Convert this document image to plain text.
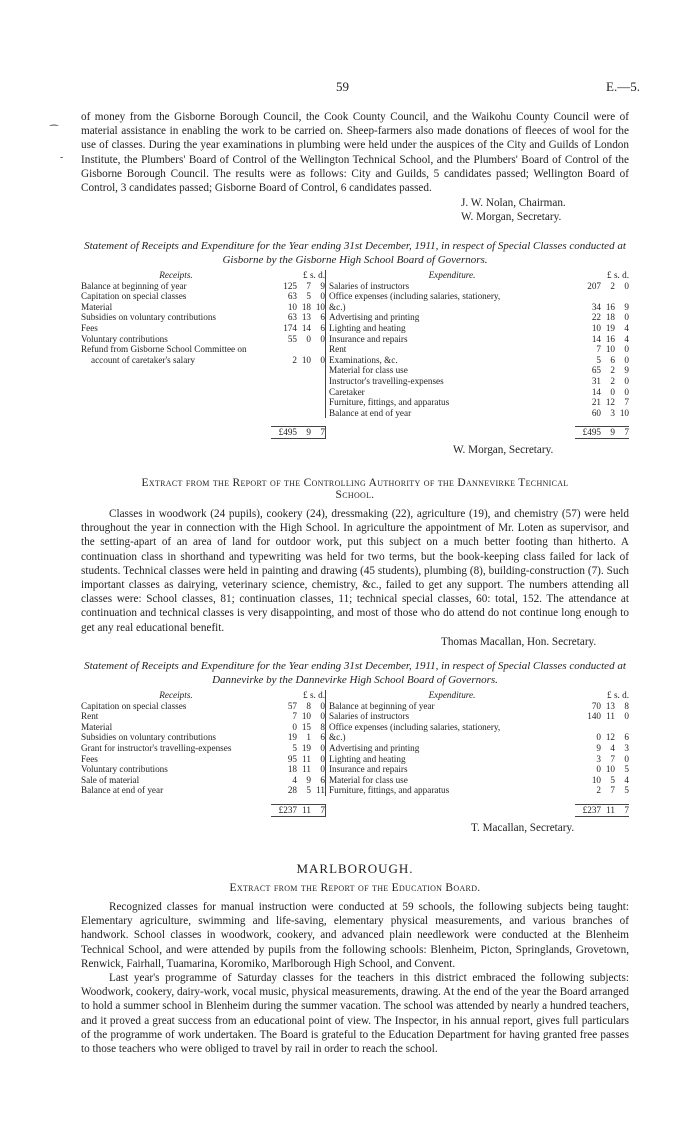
59	E.—5.
⁀
-

of money from the Gisborne Borough Council, the Cook County Council, and the Waikohu County Council were of material assistance in enabling the work to be carried on. Sheep-farmers also made donations of fleeces of wool for the use of classes. During the year examinations in plumbing were held under the auspices of the City and Guilds of London Institute, the Plumbers' Board of Control of the Wellington Technical School, and the Plumbers' Board of Control of the Gisborne Borough Council. The results were as follows: City and Guilds, 5 candidates passed; Wellington Board of Control, 3 candidates passed; Gisborne Board of Control, 6 candidates passed.

J. W. Nolan, Chairman.
W. Morgan, Secretary.
Statement of Receipts and Expenditure for the Year ending 31st December, 1911, in respect of Special Classes conducted at Gisborne by the Gisborne High School Board of Governors.
Receipts.	£ s. d.			Expenditure.	£ s. d.		
Balance at beginning of year	125	7	9	Salaries of instructors	207	2	0
Capitation on special classes	63	5	0	Office expenses (including salaries, stationery,			
Material	10	18	10	&c.)	34	16	9
Subsidies on voluntary contributions	63	13	6	Advertising and printing	22	18	0
Fees	174	14	6	Lighting and heating	10	19	4
Voluntary contributions	55	0	0	Insurance and repairs	14	16	4
Refund from Gisborne School Committee on				Rent	7	10	0
account of caretaker's salary	2	10	0	Examinations, &c.	5	6	0
				Material for class use	65	2	9
				Instructor's travelling-expenses	31	2	0
				Caretaker	14	0	0
				Furniture, fittings, and apparatus	21	12	7
				Balance at end of year	60	3	10

	£495	9	7		£495	9	7
W. Morgan, Secretary.
Extract from the Report of the Controlling Authority of the Dannevirke Technical
School.

Classes in woodwork (24 pupils), cookery (24), dressmaking (22), agriculture (19), and chemistry (57) were held throughout the year in connection with the High School. In agriculture the appointment of Mr. Loten as supervisor, and the setting-apart of an area of land for outdoor work, put this subject on a much better footing than hitherto. A continuation class in shorthand and typewriting was held for two terms, but the book-keeping class failed for lack of students. Technical classes were held in painting and drawing (45 students), plumbing (8), building-construction (7). Such important classes as dairying, veterinary science, chemistry, &c., failed to get any support. The numbers attending all classes were: School classes, 81; continuation classes, 11; technical special classes, 60: total, 152. The attendance at continuation and technical classes is very disappointing, and most of those who do attend do not continue long enough to get any real educational benefit.

Thomas Macallan, Hon. Secretary.
Statement of Receipts and Expenditure for the Year ending 31st December, 1911, in respect of Special Classes conducted at Dannevirke by the Dannevirke High School Board of Governors.
Receipts.	£ s. d.			Expenditure.	£ s. d.		
Capitation on special classes	57	8	0	Balance at beginning of year	70	13	8
Rent	7	10	0	Salaries of instructors	140	11	0
Material	0	15	8	Office expenses (including salaries, stationery,			
Subsidies on voluntary contributions	19	1	6	&c.)	0	12	6
Grant for instructor's travelling-expenses	5	19	0	Advertising and printing	9	4	3
Fees	95	11	0	Lighting and heating	3	7	0
Voluntary contributions	18	11	0	Insurance and repairs	0	10	5
Sale of material	4	9	6	Material for class use	10	5	4
Balance at end of year	28	5	11	Furniture, fittings, and apparatus	2	7	5

	£237	11	7		£237	11	7
T. Macallan, Secretary.
MARLBOROUGH.
Extract from the Report of the Education Board.

Recognized classes for manual instruction were conducted at 59 schools, the following subjects being taught: Elementary agriculture, swimming and life-saving, elementary physical measurements, and various branches of handwork. School classes in woodwork, cookery, and advanced plain needlework were conducted at the Blenheim Technical School, and were attended by pupils from the following schools: Blenheim, Picton, Springlands, Grovetown, Renwick, Fairhall, Tuamarina, Koromiko, Marlborough High School, and Convent.

Last year's programme of Saturday classes for the teachers in this district embraced the following subjects: Woodwork, cookery, dairy-work, vocal music, physical measurements, drawing. At the end of the year the Board arranged to hold a summer school in Blenheim during the summer vacation. The school was attended by nearly a hundred teachers, and it proved a great success from an educational point of view. The Inspector, in his annual report, gives full particulars of the programme of work undertaken. The Board is grateful to the Education Department for having granted free passes to those teachers who were obliged to travel by rail in order to reach the school.
